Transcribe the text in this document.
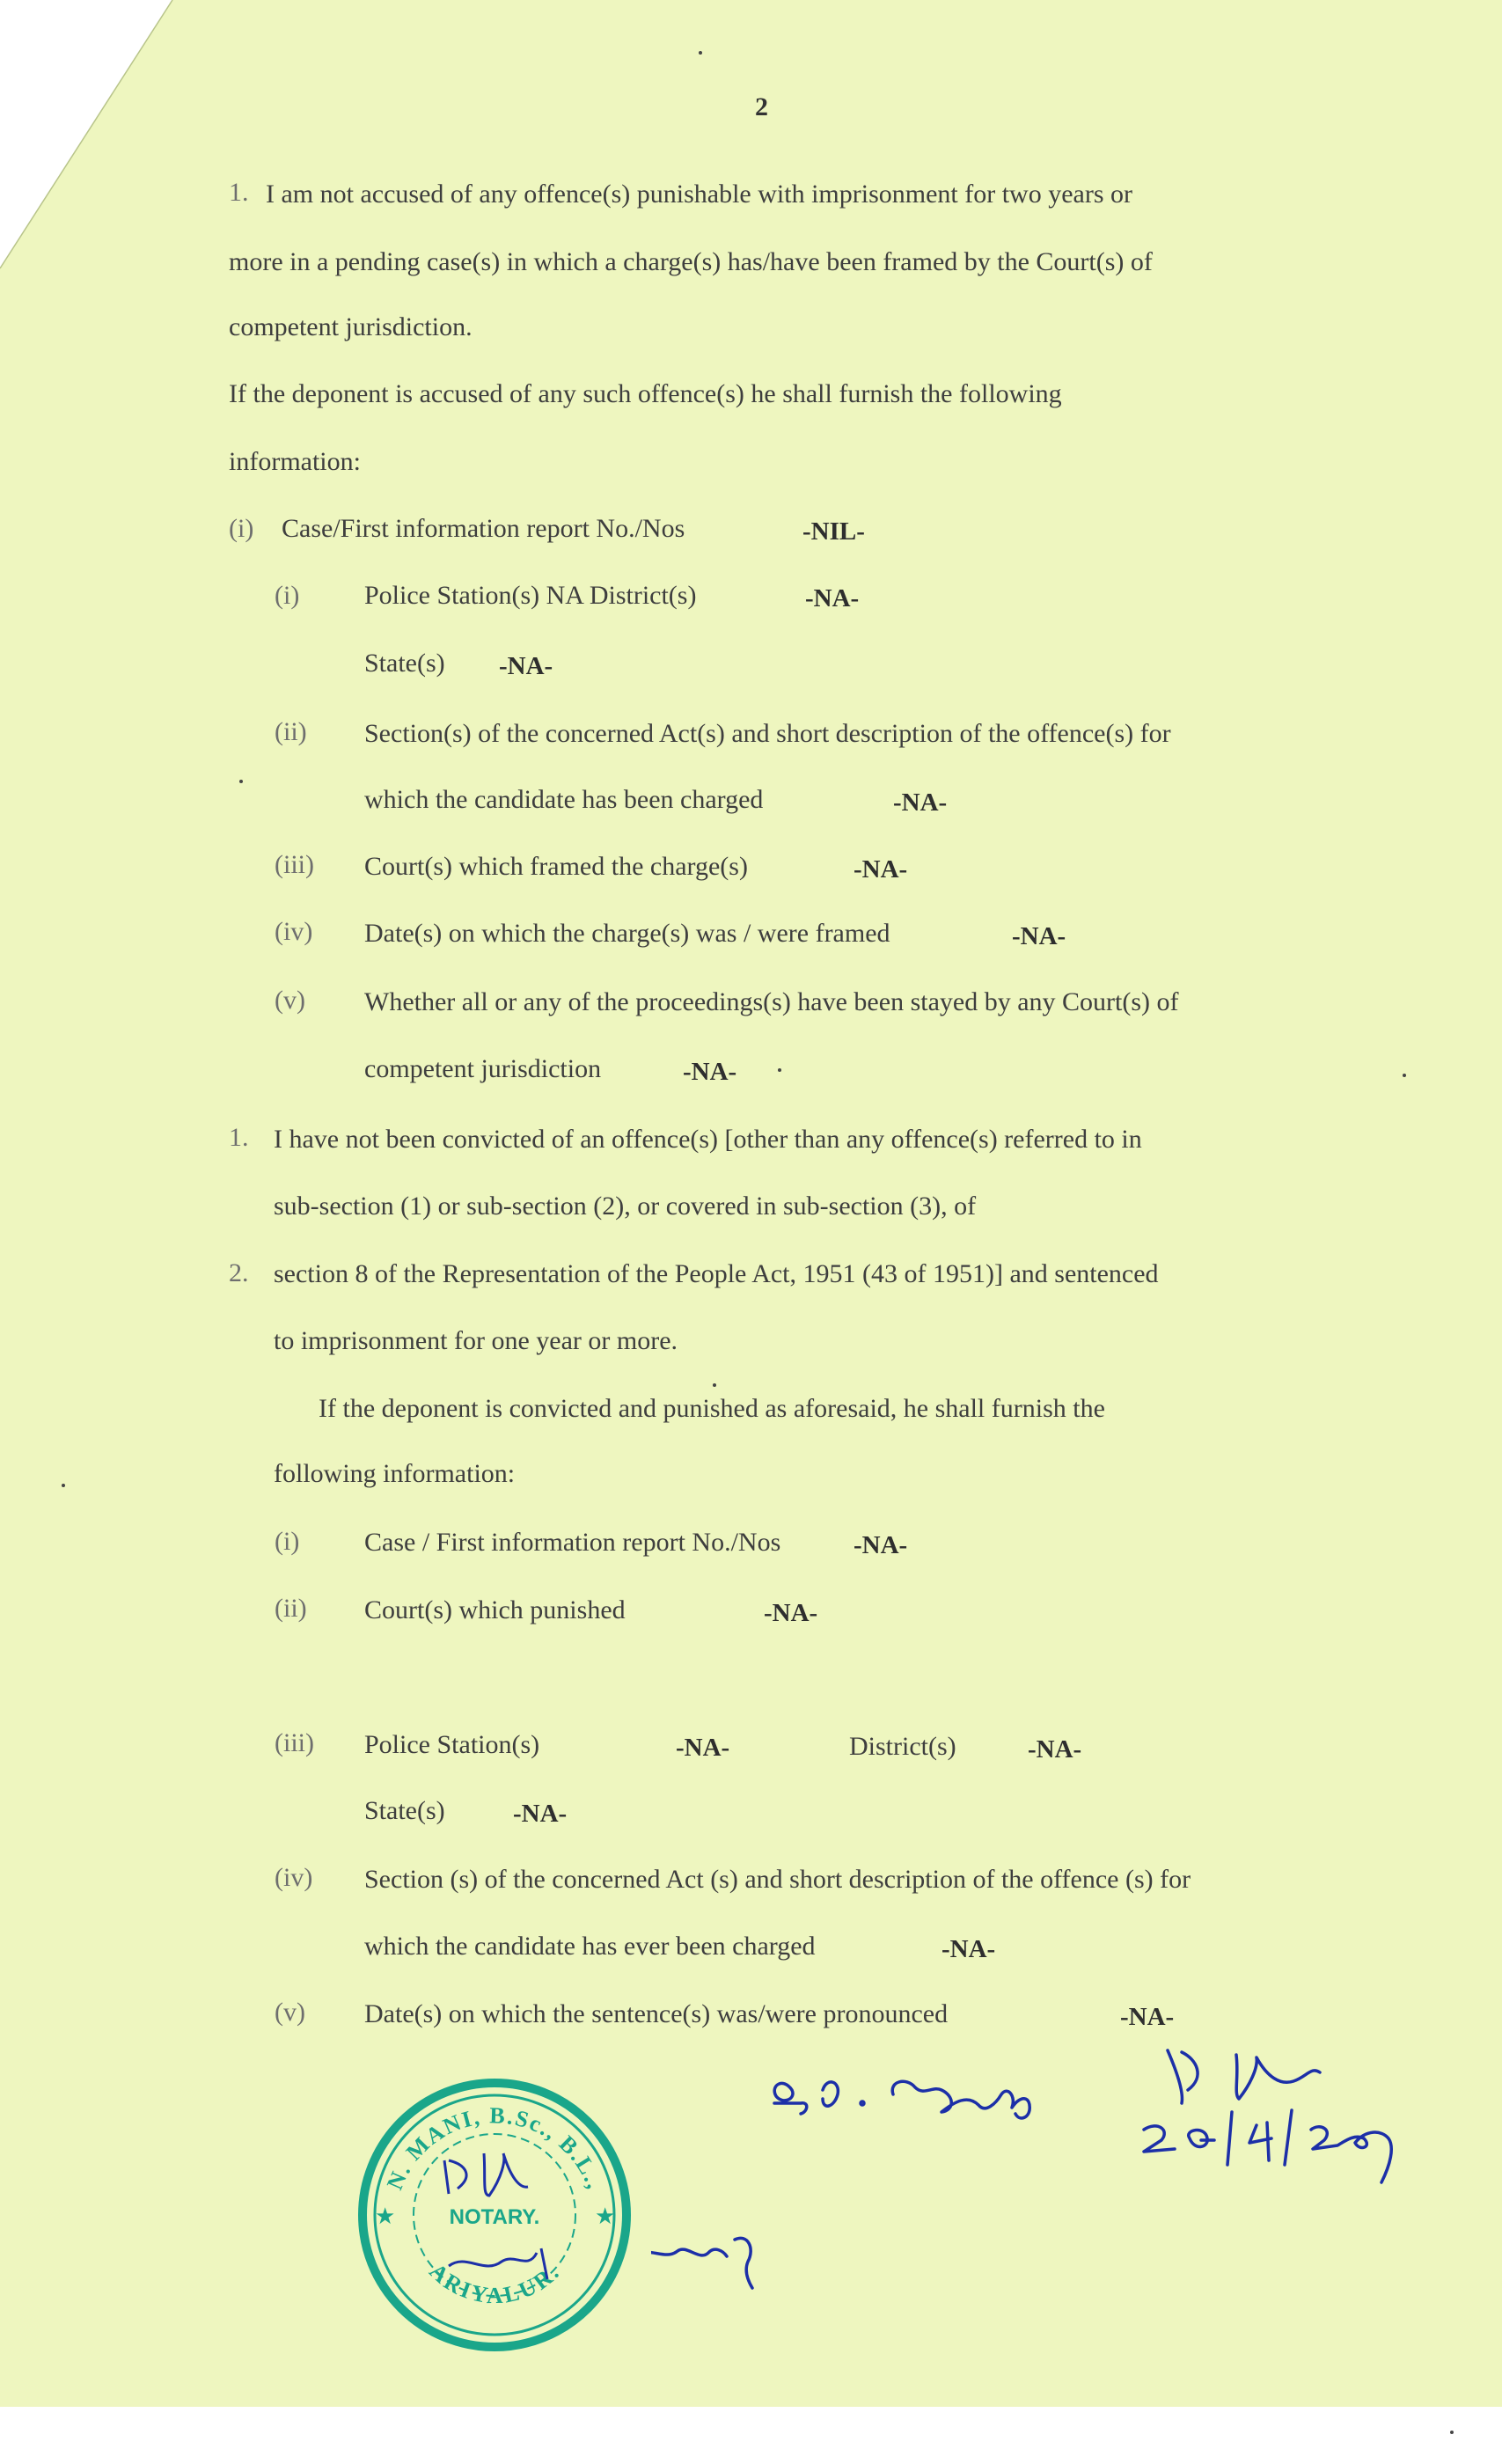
2
1. I am not accused of any offence(s) punishable with imprisonment for two years or
more in a pending case(s) in which a charge(s) has/have been framed by the Court(s) of
competent jurisdiction.
If the deponent is accused of any such offence(s) he shall furnish the following
information:
(i) Case/First information report No./Nos	-NIL-
(i) Police Station(s) NA District(s)	-NA-
State(s) -NA-
(ii) Section(s) of the concerned Act(s) and short description of the offence(s) for
which the candidate has been charged	-NA-
(iii) Court(s) which framed the charge(s)	-NA-
(iv) Date(s) on which the charge(s) was / were framed	-NA-
(v) Whether all or any of the proceedings(s) have been stayed by any Court(s) of
competent jurisdiction	-NA-
1. I have not been convicted of an offence(s) [other than any offence(s) referred to in
sub-section (1) or sub-section (2), or covered in sub-section (3), of
2. section 8 of the Representation of the People Act, 1951 (43 of 1951)] and sentenced
to imprisonment for one year or more.
If the deponent is convicted and punished as aforesaid, he shall furnish the
following information:
(i) Case / First information report No./Nos	-NA-
(ii) Court(s) which punished	-NA-
(iii) Police Station(s)	-NA-	District(s)	-NA-
State(s)	-NA-
(iv) Section (s) of the concerned Act (s) and short description of the offence (s) for
which the candidate has ever been charged	-NA-
(v) Date(s) on which the sentence(s) was/were pronounced	-NA-
N. MANI, B.Sc., B.L.,
ARIYALUR.
NOTARY.
★	★
